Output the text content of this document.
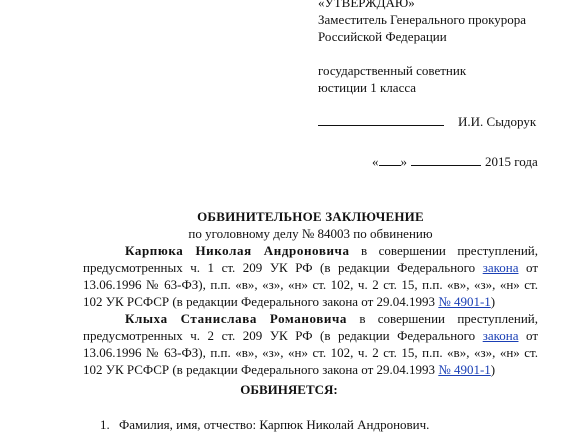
«УТВЕРЖДАЮ»
Заместитель Генерального прокурора
Российской Федерации
государственный советник
юстиции 1 класса
И.И. Сыдорук
« »	2015 года
ОБВИНИТЕЛЬНОЕ ЗАКЛЮЧЕНИЕ
по уголовному делу № 84003 по обвинению
Карпюка Николая Андроновича в совершении преступлений, предусмотренных ч. 1 ст. 209 УК РФ (в редакции Федерального закона от 13.06.1996 № 63-ФЗ), п.п. «в», «з», «н» ст. 102, ч. 2 ст. 15, п.п. «в», «з», «н» ст. 102 УК РСФСР (в редакции Федерального закона от 29.04.1993 № 4901-1)
Клыха Станислава Романовича в совершении преступлений, предусмотренных ч. 2 ст. 209 УК РФ (в редакции Федерального закона от 13.06.1996 № 63-ФЗ), п.п. «в», «з», «н» ст. 102, ч. 2 ст. 15, п.п. «в», «з», «н» ст. 102 УК РСФСР (в редакции Федерального закона от 29.04.1993 № 4901-1)
ОБВИНЯЕТСЯ:
1. Фамилия, имя, отчество: Карпюк Николай Андронович.
